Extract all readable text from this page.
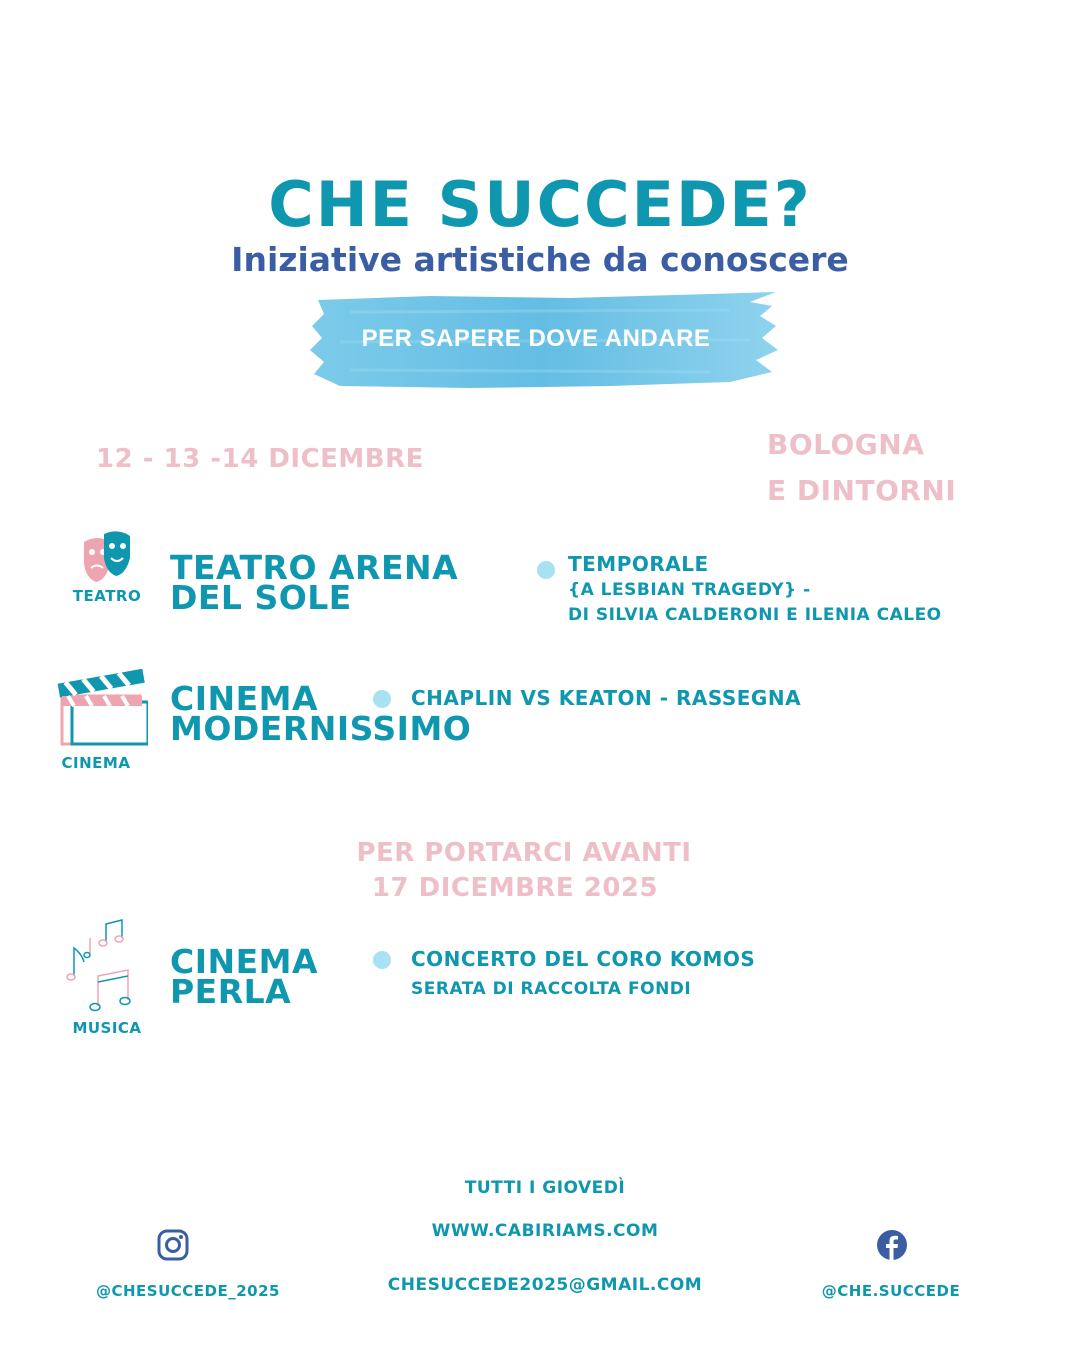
CHE SUCCEDE?
Iniziative artistiche da conoscere
PER SAPERE DOVE ANDARE
12 - 13 -14 DICEMBRE	BOLOGNA
E DINTORNI
TEATRO
TEATRO ARENA
DEL SOLE
TEMPORALE
{A LESBIAN TRAGEDY} -
DI SILVIA CALDERONI E ILENIA CALEO
CINEMA
CINEMA
MODERNISSIMO
CHAPLIN VS KEATON - RASSEGNA
PER PORTARCI AVANTI
17 DICEMBRE 2025
MUSICA
CINEMA
PERLA
CONCERTO DEL CORO KOMOS
SERATA DI RACCOLTA FONDI
TUTTI I GIOVEDÌ
WWW.CABIRIAMS.COM
CHESUCCEDE2025@GMAIL.COM
@CHESUCCEDE_2025	@CHE.SUCCEDE
